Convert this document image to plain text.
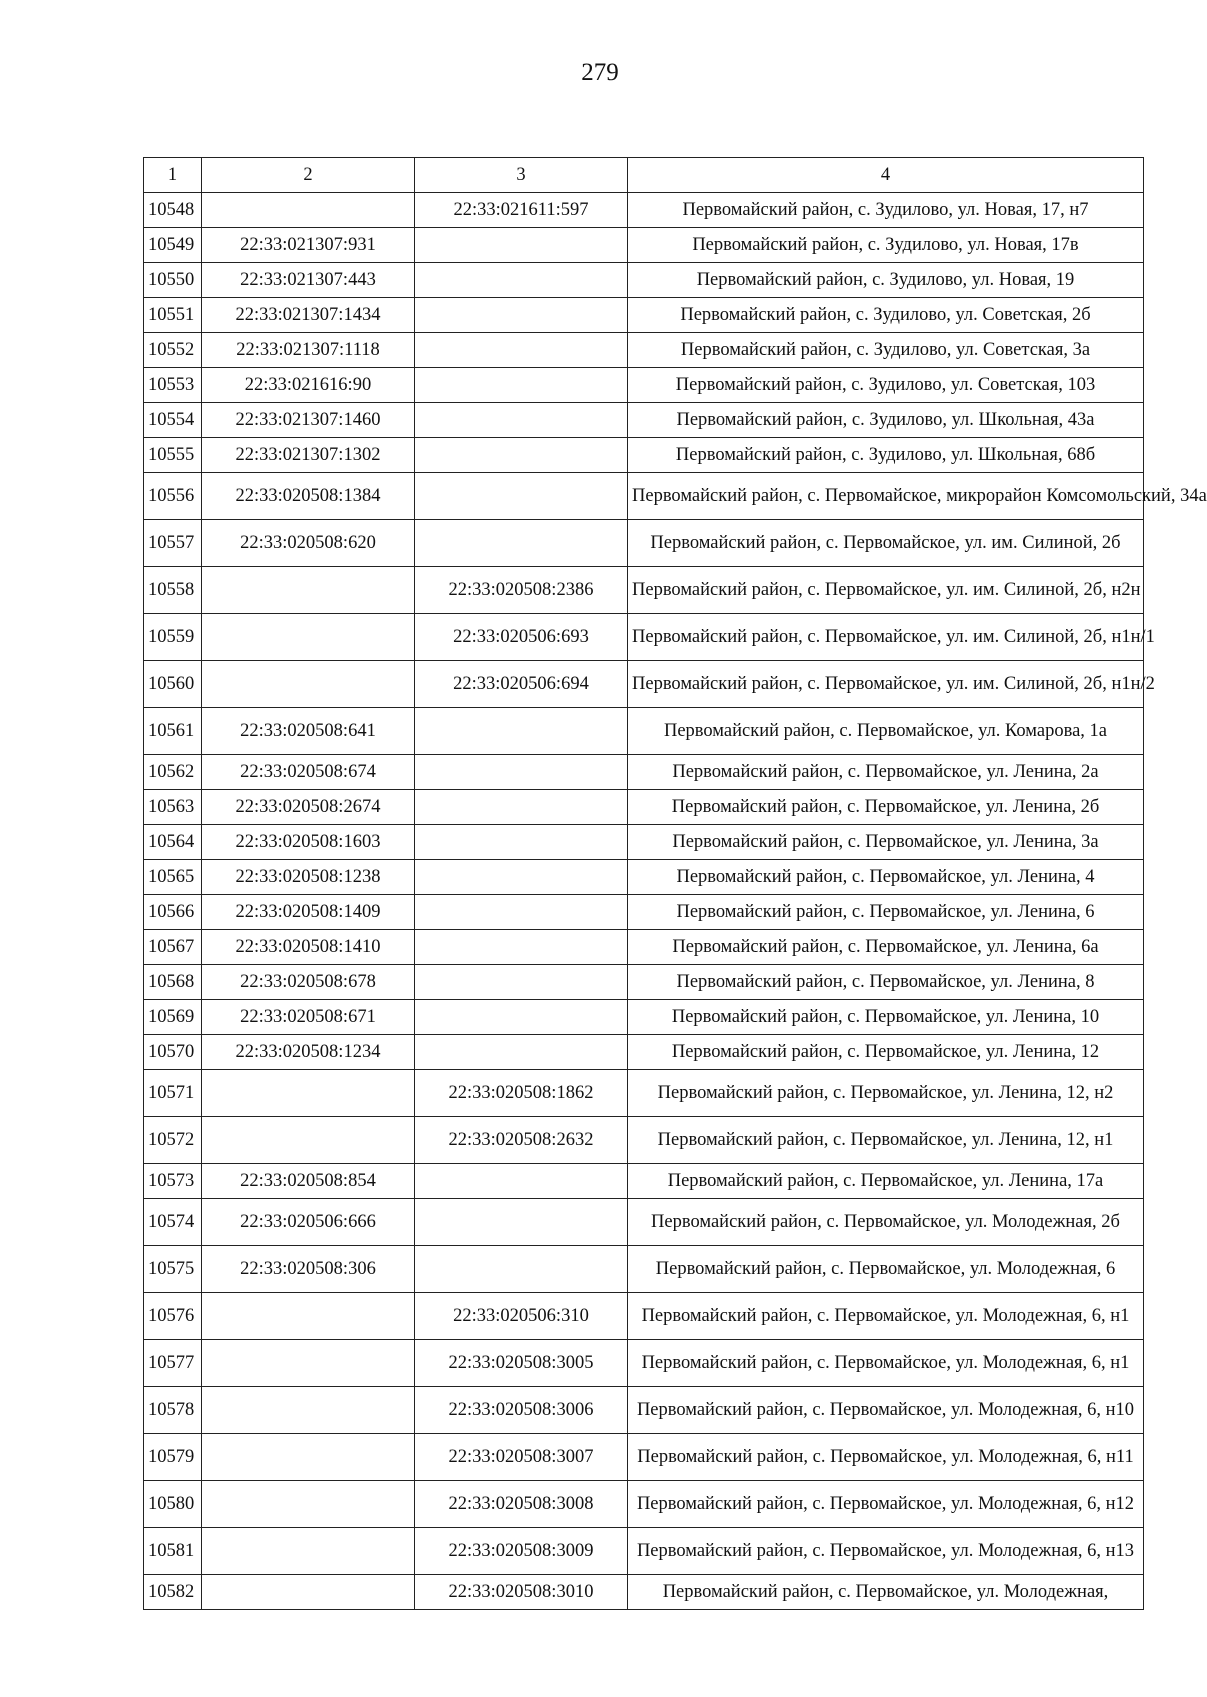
279
1	2	3	4
10548		22:33:021611:597	Первомайский район, с. Зудилово, ул. Новая, 17, н7
10549	22:33:021307:931		Первомайский район, с. Зудилово, ул. Новая, 17в
10550	22:33:021307:443		Первомайский район, с. Зудилово, ул. Новая, 19
10551	22:33:021307:1434		Первомайский район, с. Зудилово, ул. Советская, 2б
10552	22:33:021307:1118		Первомайский район, с. Зудилово, ул. Советская, 3а
10553	22:33:021616:90		Первомайский район, с. Зудилово, ул. Советская, 103
10554	22:33:021307:1460		Первомайский район, с. Зудилово, ул. Школьная, 43а
10555	22:33:021307:1302		Первомайский район, с. Зудилово, ул. Школьная, 68б
10556	22:33:020508:1384		Первомайский район, с. Первомайское, микрорайон Комсомольский, 34а
10557	22:33:020508:620		Первомайский район, с. Первомайское, ул. им. Силиной, 2б
10558		22:33:020508:2386	Первомайский район, с. Первомайское, ул. им. Силиной, 2б, н2н
10559		22:33:020506:693	Первомайский район, с. Первомайское, ул. им. Силиной, 2б, н1н/1
10560		22:33:020506:694	Первомайский район, с. Первомайское, ул. им. Силиной, 2б, н1н/2
10561	22:33:020508:641		Первомайский район, с. Первомайское, ул. Комарова, 1а
10562	22:33:020508:674		Первомайский район, с. Первомайское, ул. Ленина, 2а
10563	22:33:020508:2674		Первомайский район, с. Первомайское, ул. Ленина, 2б
10564	22:33:020508:1603		Первомайский район, с. Первомайское, ул. Ленина, 3а
10565	22:33:020508:1238		Первомайский район, с. Первомайское, ул. Ленина, 4
10566	22:33:020508:1409		Первомайский район, с. Первомайское, ул. Ленина, 6
10567	22:33:020508:1410		Первомайский район, с. Первомайское, ул. Ленина, 6а
10568	22:33:020508:678		Первомайский район, с. Первомайское, ул. Ленина, 8
10569	22:33:020508:671		Первомайский район, с. Первомайское, ул. Ленина, 10
10570	22:33:020508:1234		Первомайский район, с. Первомайское, ул. Ленина, 12
10571		22:33:020508:1862	Первомайский район, с. Первомайское, ул. Ленина, 12, н2
10572		22:33:020508:2632	Первомайский район, с. Первомайское, ул. Ленина, 12, н1
10573	22:33:020508:854		Первомайский район, с. Первомайское, ул. Ленина, 17а
10574	22:33:020506:666		Первомайский район, с. Первомайское, ул. Молодежная, 2б
10575	22:33:020508:306		Первомайский район, с. Первомайское, ул. Молодежная, 6
10576		22:33:020506:310	Первомайский район, с. Первомайское, ул. Молодежная, 6, н1
10577		22:33:020508:3005	Первомайский район, с. Первомайское, ул. Молодежная, 6, н1
10578		22:33:020508:3006	Первомайский район, с. Первомайское, ул. Молодежная, 6, н10
10579		22:33:020508:3007	Первомайский район, с. Первомайское, ул. Молодежная, 6, н11
10580		22:33:020508:3008	Первомайский район, с. Первомайское, ул. Молодежная, 6, н12
10581		22:33:020508:3009	Первомайский район, с. Первомайское, ул. Молодежная, 6, н13
10582		22:33:020508:3010	Первомайский район, с. Первомайское, ул. Молодежная,
